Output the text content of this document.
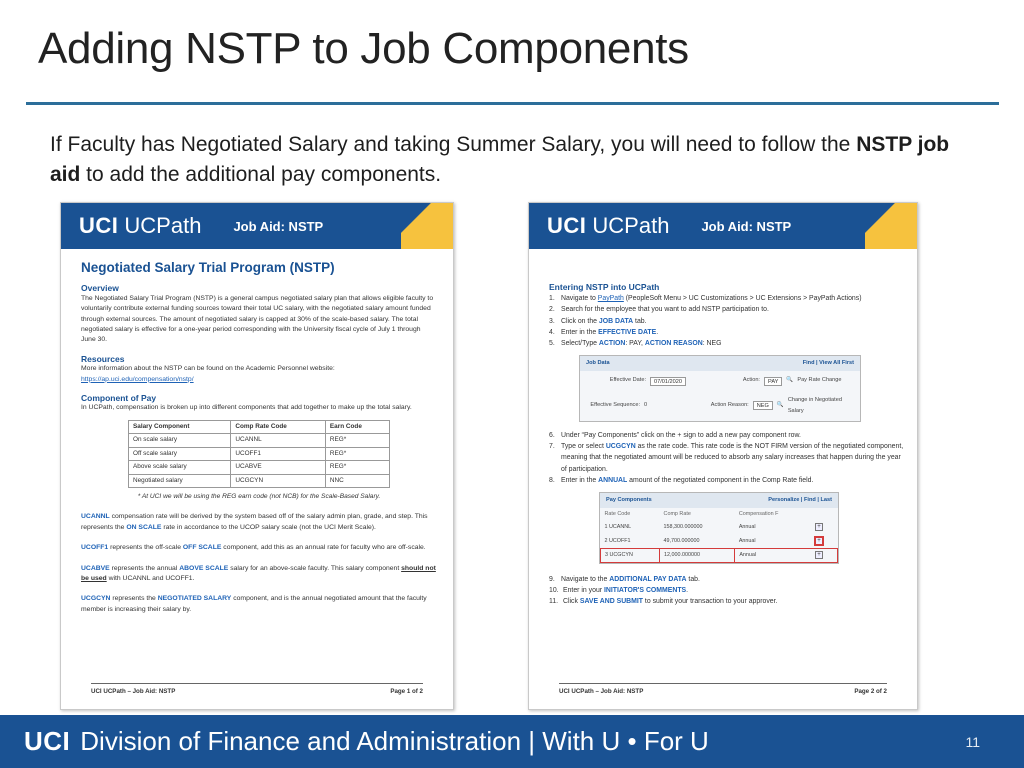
Adding NSTP to Job Components

If Faculty has Negotiated Salary and taking Summer Salary, you will need to follow the NSTP job aid to add the additional pay components.

UCI UCPath Job Aid: NSTP
Negotiated Salary Trial Program (NSTP)
Overview
The Negotiated Salary Trial Program (NSTP) is a general campus negotiated salary plan that allows eligible faculty to voluntarily contribute external funding sources toward their total UC salary, with the negotiated salary amount funded through external sources. The amount of negotiated salary is capped at 30% of the scale-based salary. The total negotiated salary is effective for a one-year period corresponding with the University fiscal cycle of July 1 through June 30.
Resources
More information about the NSTP can be found on the Academic Personnel website:
https://ap.uci.edu/compensation/nstp/
Component of Pay
In UCPath, compensation is broken up into different components that add together to make up the total salary.
Salary Component	Comp Rate Code	Earn Code
On scale salary	UCANNL	REG*
Off scale salary	UCOFF1	REG*
Above scale salary	UCABVE	REG*
Negotiated salary	UCGCYN	NNC
* At UCI we will be using the REG earn code (not NCB) for the Scale-Based Salary.

UCANNL compensation rate will be derived by the system based off of the salary admin plan, grade, and step. This represents the ON SCALE rate in accordance to the UCOP salary scale (not the UCI Merit Scale).

UCOFF1 represents the off-scale OFF SCALE component, add this as an annual rate for faculty who are off-scale.

UCABVE represents the annual ABOVE SCALE salary for an above-scale faculty. This salary component should not be used with UCANNL and UCOFF1.

UCGCYN represents the NEGOTIATED SALARY component, and is the annual negotiated amount that the faculty member is increasing their salary by.

UCI UCPath – Job Aid: NSTP	Page 1 of 2
UCI UCPath Job Aid: NSTP
Entering NSTP into UCPath
1. Navigate to PayPath (PeopleSoft Menu > UC Customizations > UC Extensions > PayPath Actions)
2. Search for the employee that you want to add NSTP participation to.
3. Click on the JOB DATA tab.
4. Enter in the EFFECTIVE DATE.
5. Select/Type ACTION: PAY, ACTION REASON: NEG
Job Data	Find | View All First
Effective Date:	07/01/2020	Action:	PAY	🔍 Pay Rate Change
Effective Sequence: 0	Action Reason:	NEG	🔍
Change in Negotiated Salary
6. Under “Pay Components” click on the + sign to add a new pay component row.
7. Type or select UCGCYN as the rate code. This rate code is the NOT FIRM version of the negotiated component, meaning that the negotiated amount will be reduced to absorb any salary increases that happen during the year of participation.
8. Enter in the ANNUAL amount of the negotiated component in the Comp Rate field.
Pay Components	Personalize | Find | Last
Rate Code	Comp Rate	Compensation F	
1 UCANNL	158,300.000000	Annual	+
2 UCOFF1	49,700.000000	Annual	+
3 UCGCYN	12,000.000000	Annual	+
9. Navigate to the ADDITIONAL PAY DATA tab.
10. Enter in your INITIATOR'S COMMENTS.
11. Click SAVE AND SUBMIT to submit your transaction to your approver.
UCI UCPath – Job Aid: NSTP	Page 2 of 2
UCI Division of Finance and Administration | With U • For U	11
